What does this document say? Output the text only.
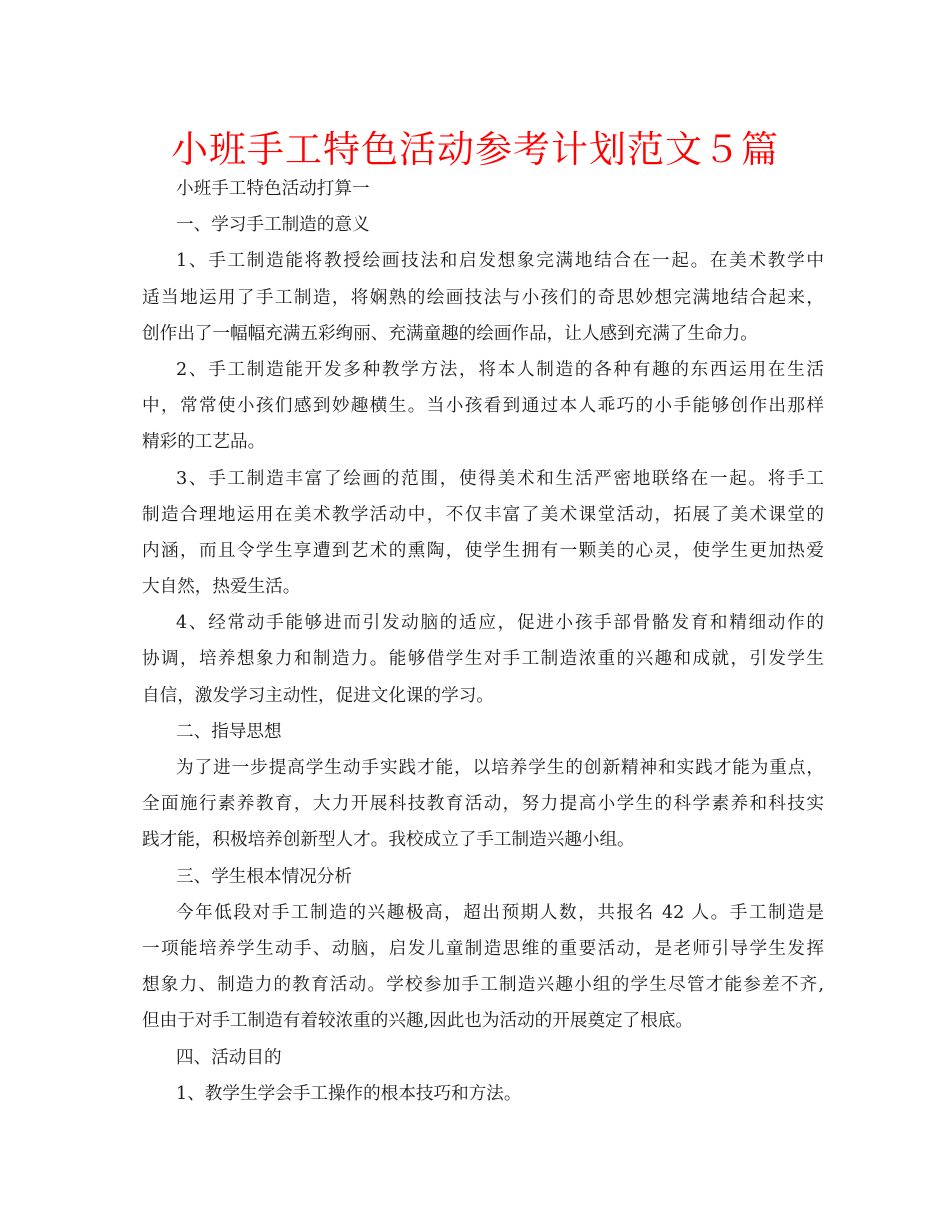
小班手工特色活动参考计划范文５篇
小班手工特色活动打算一
一、学习手工制造的意义
1、手工制造能将教授绘画技法和启发想象完满地结合在一起。在美术教学中
适当地运用了手工制造，将娴熟的绘画技法与小孩们的奇思妙想完满地结合起来，
创作出了一幅幅充满五彩绚丽、充满童趣的绘画作品，让人感到充满了生命力。
2、手工制造能开发多种教学方法，将本人制造的各种有趣的东西运用在生活
中，常常使小孩们感到妙趣横生。当小孩看到通过本人乖巧的小手能够创作出那样
精彩的工艺品。
3、手工制造丰富了绘画的范围，使得美术和生活严密地联络在一起。将手工
制造合理地运用在美术教学活动中，不仅丰富了美术课堂活动，拓展了美术课堂的
内涵，而且令学生享遭到艺术的熏陶，使学生拥有一颗美的心灵，使学生更加热爱
大自然，热爱生活。
4、经常动手能够进而引发动脑的适应，促进小孩手部骨骼发育和精细动作的
协调，培养想象力和制造力。能够借学生对手工制造浓重的兴趣和成就，引发学生
自信，激发学习主动性，促进文化课的学习。
二、指导思想
为了进一步提高学生动手实践才能，以培养学生的创新精神和实践才能为重点，
全面施行素养教育，大力开展科技教育活动，努力提高小学生的科学素养和科技实
践才能，积极培养创新型人才。我校成立了手工制造兴趣小组。
三、学生根本情况分析
今年低段对手工制造的兴趣极高，超出预期人数，共报名 42 人。手工制造是
一项能培养学生动手、动脑，启发儿童制造思维的重要活动，是老师引导学生发挥
想象力、制造力的教育活动。学校参加手工制造兴趣小组的学生尽管才能参差不齐,
但由于对手工制造有着较浓重的兴趣,因此也为活动的开展奠定了根底。
四、活动目的
1、教学生学会手工操作的根本技巧和方法。
